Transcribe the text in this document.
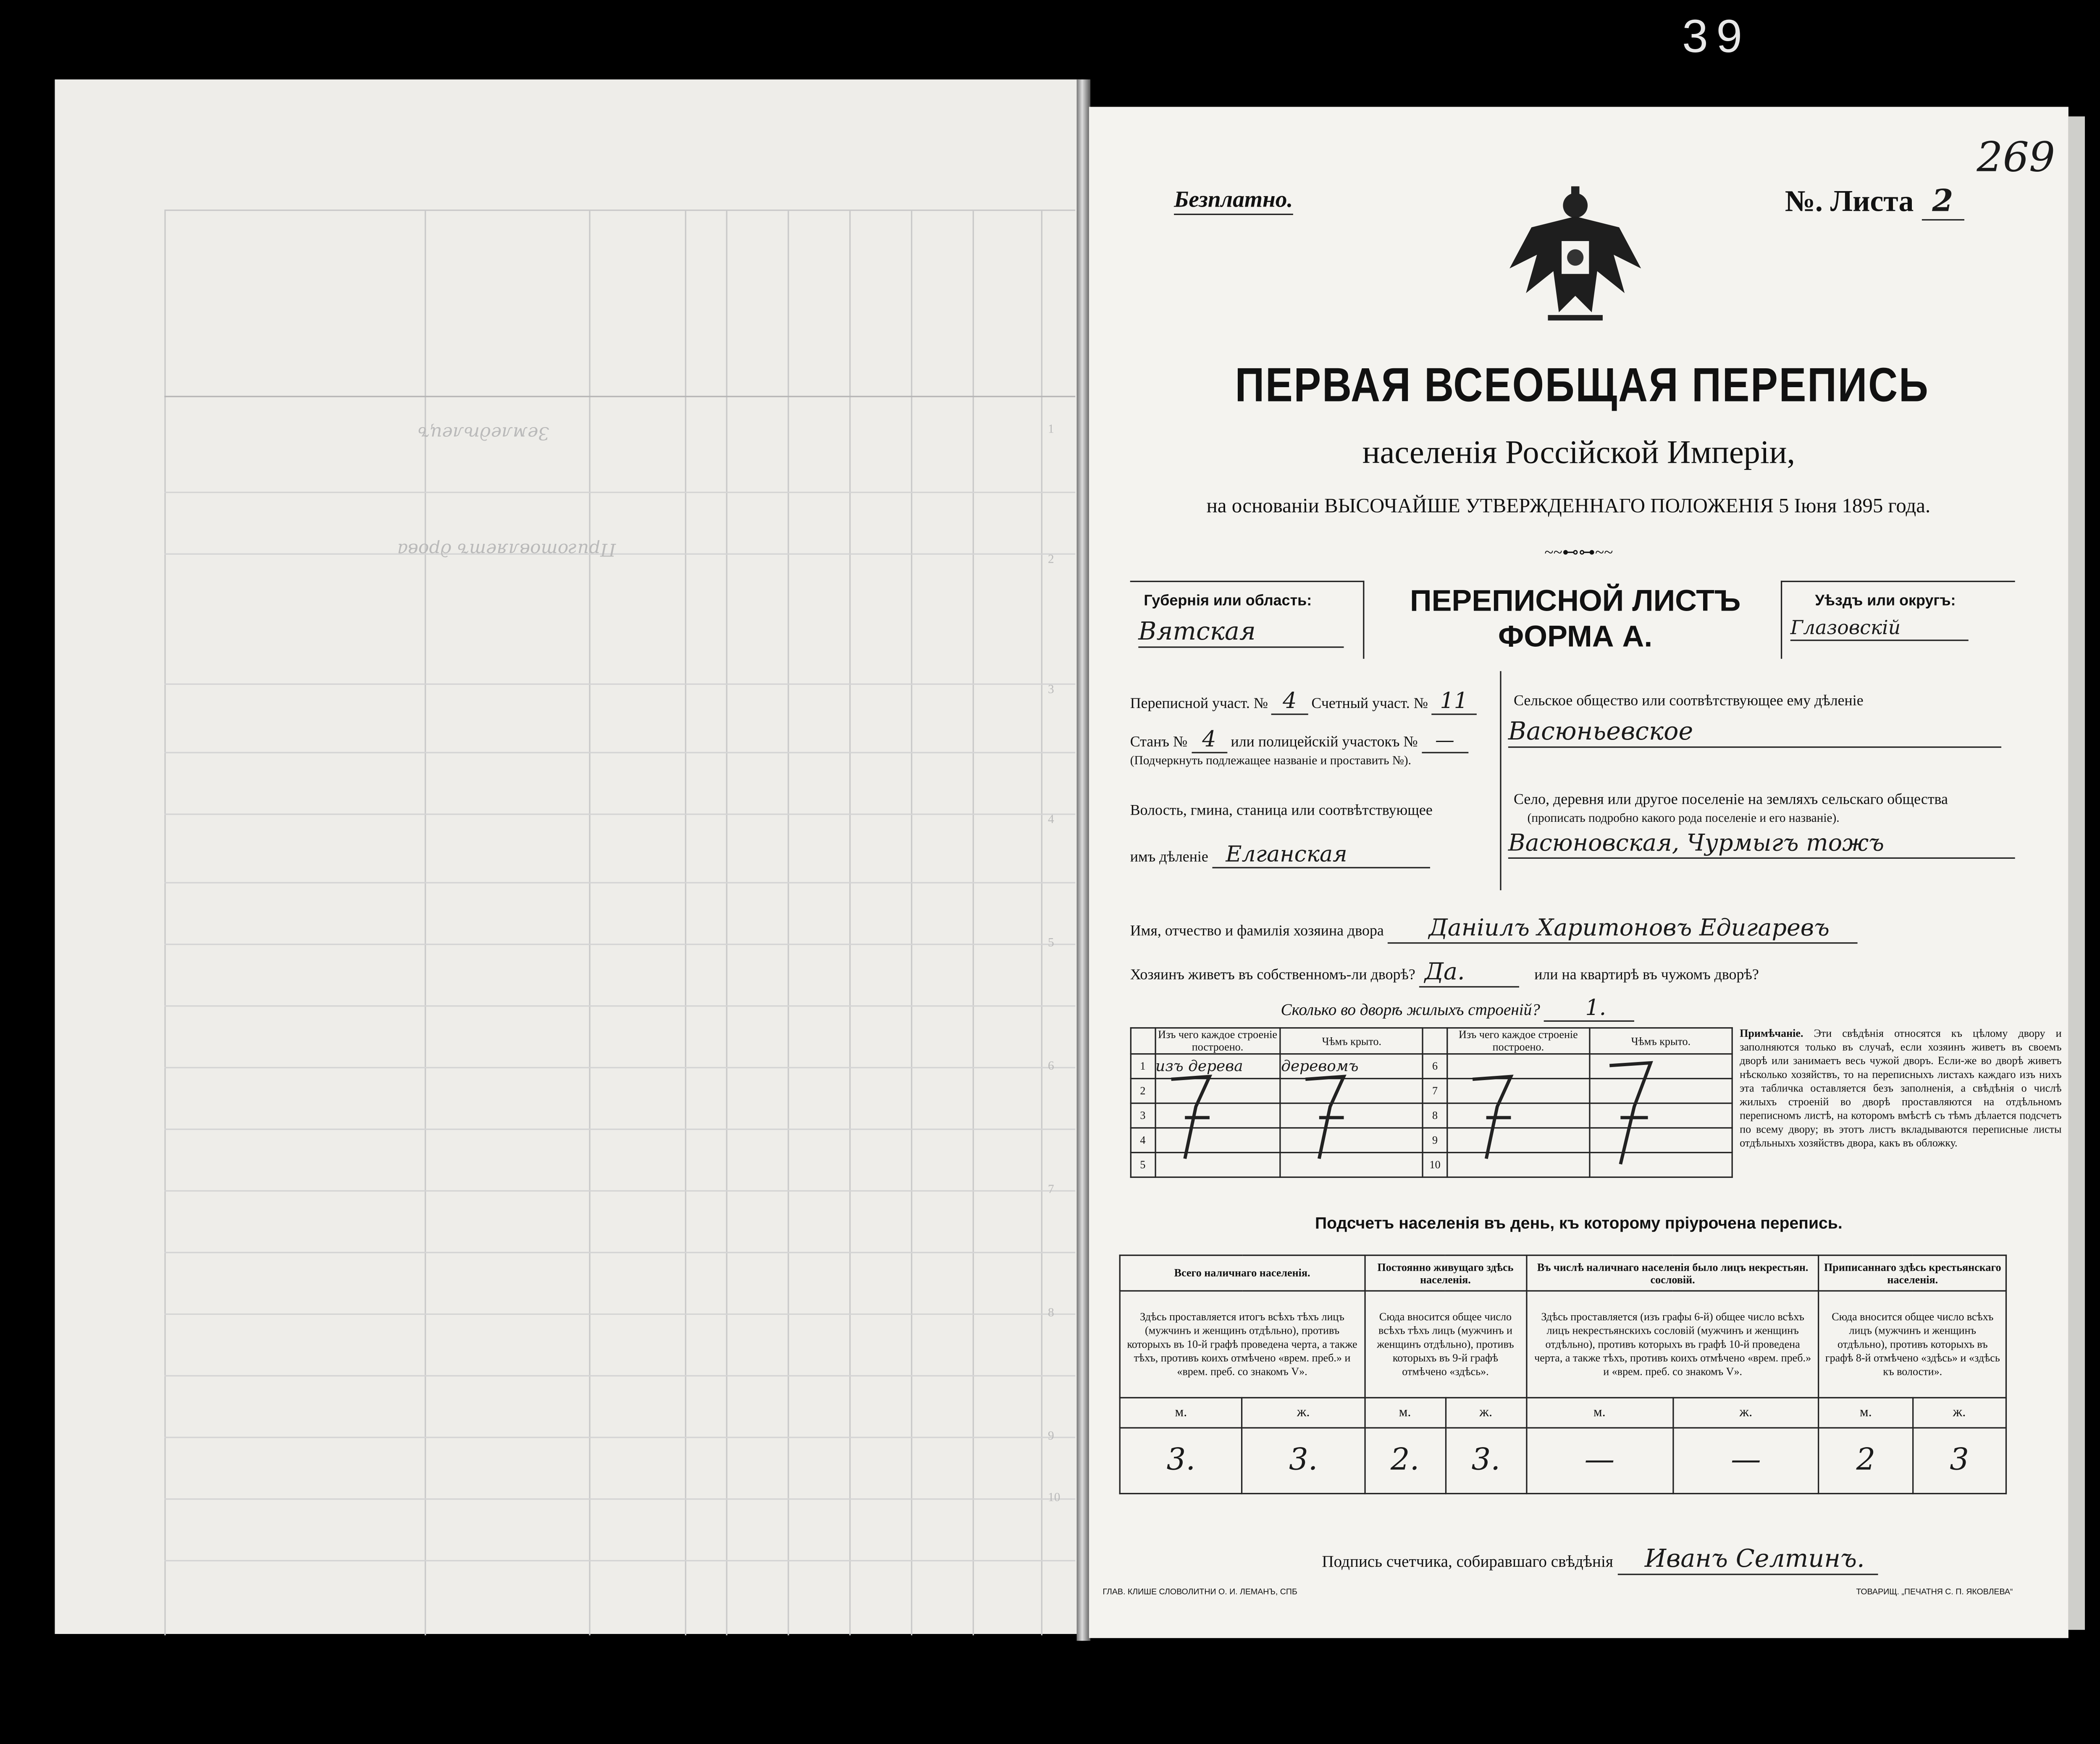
39
Земледѣлецъ
Приготовляетъ дрова
1
2
3
4
5
6
7
8
9
10
269
Безплатно.	№. Листа 2
ПЕРВАЯ ВСЕОБЩАЯ ПЕРЕПИСЬ
населенія Россійской Имперіи,
на основаніи ВЫСОЧАЙШЕ УТВЕРЖДЕННАГО ПОЛОЖЕНІЯ 5 Іюня 1895 года.
~~⊷⊶~~
Губернія или область:
Вятская
ПЕРЕПИСНОЙ ЛИСТЪ
ФОРМА А.
Уѣздъ или округъ:
Глазовскій
Переписной участ. № 4	Счетный участ. № 11
Станъ № 4	или полицейскій участокъ №	—
(Подчеркнуть подлежащее названіе и проставить №).
Волость, гмина, станица или соотвѣтствующее
имъ дѣленіе	Елганская
Сельское общество или соотвѣтствующее ему дѣленіе
Васюньевское
Село, деревня или другое поселеніе на земляхъ сельскаго общества
(прописать подробно какого рода поселеніе и его названіе).
Васюновская, Чурмыгъ тожъ
Имя, отчество и фамилія хозяина двора	Даніилъ Харитоновъ Едигаревъ
Хозяинъ живетъ въ собственномъ-ли дворѣ? Да.	или на квартирѣ въ чужомъ дворѣ?
Сколько во дворѣ жилыхъ строеній?	1.
	Изъ чего каждое строеніе построено.	Чѣмъ крыто.		Изъ чего каждое строеніе построено.	Чѣмъ крыто.
1	изъ дерева	деревомъ	6		
2			7		
3			8		
4			9		
5			10		
Примѣчаніе.	Эти свѣдѣнія относятся къ цѣлому двору и заполняются только въ случаѣ, если хозяинъ живетъ въ своемъ дворѣ или занимаетъ весь чужой дворъ. Если-же во дворѣ живетъ нѣсколько хозяйствъ, то на переписныхъ листахъ каждаго изъ нихъ эта табличка оставляется безъ заполненія, а свѣдѣнія о числѣ жилыхъ строеній во дворѣ проставляются на отдѣльномъ переписномъ листѣ, на которомъ вмѣстѣ съ тѣмъ дѣлается подсчетъ по всему двору; въ этотъ листъ вкладываются переписные листы отдѣльныхъ хозяйствъ двора, какъ въ обложку.
Подсчетъ населенія въ день, къ которому пріурочена перепись.
Всего наличнаго населенія.		Постоянно живущаго здѣсь населенія.		Въ числѣ наличнаго населенія было лицъ некрестьян. сословій.		Приписаннаго здѣсь крестьянскаго населенія.	
Здѣсь проставляется итогъ всѣхъ тѣхъ лицъ (мужчинъ и женщинъ отдѣльно), противъ которыхъ въ 10-й графѣ проведена черта, а также тѣхъ, противъ коихъ отмѣчено «врем. преб.» и «врем. преб. со знакомъ V».		Сюда вносится общее число всѣхъ тѣхъ лицъ (мужчинъ и женщинъ отдѣльно), противъ которыхъ въ 9-й графѣ отмѣчено «здѣсь».		Здѣсь проставляется (изъ графы 6-й) общее число всѣхъ лицъ некрестьянскихъ сословій (мужчинъ и женщинъ отдѣльно), противъ которыхъ въ графѣ 10-й проведена черта, а также тѣхъ, противъ коихъ отмѣчено «врем. преб.» и «врем. преб. со знакомъ V».		Сюда вносится общее число всѣхъ лицъ (мужчинъ и женщинъ отдѣльно), противъ которыхъ въ графѣ 8-й отмѣчено «здѣсь» и «здѣсь къ волости».	
м.	ж.	м.	ж.	м.	ж.	м.	ж.
3.	3.	2.	3.	—	—	2	3
Подпись счетчика, собиравшаго свѣдѣнія	Иванъ Селтинъ.
ГЛАВ. КЛИШЕ СЛОВОЛИТНИ О. И. ЛЕМАНЪ, СПБ	ТОВАРИЩ. „ПЕЧАТНЯ С. П. ЯКОВЛЕВА“
